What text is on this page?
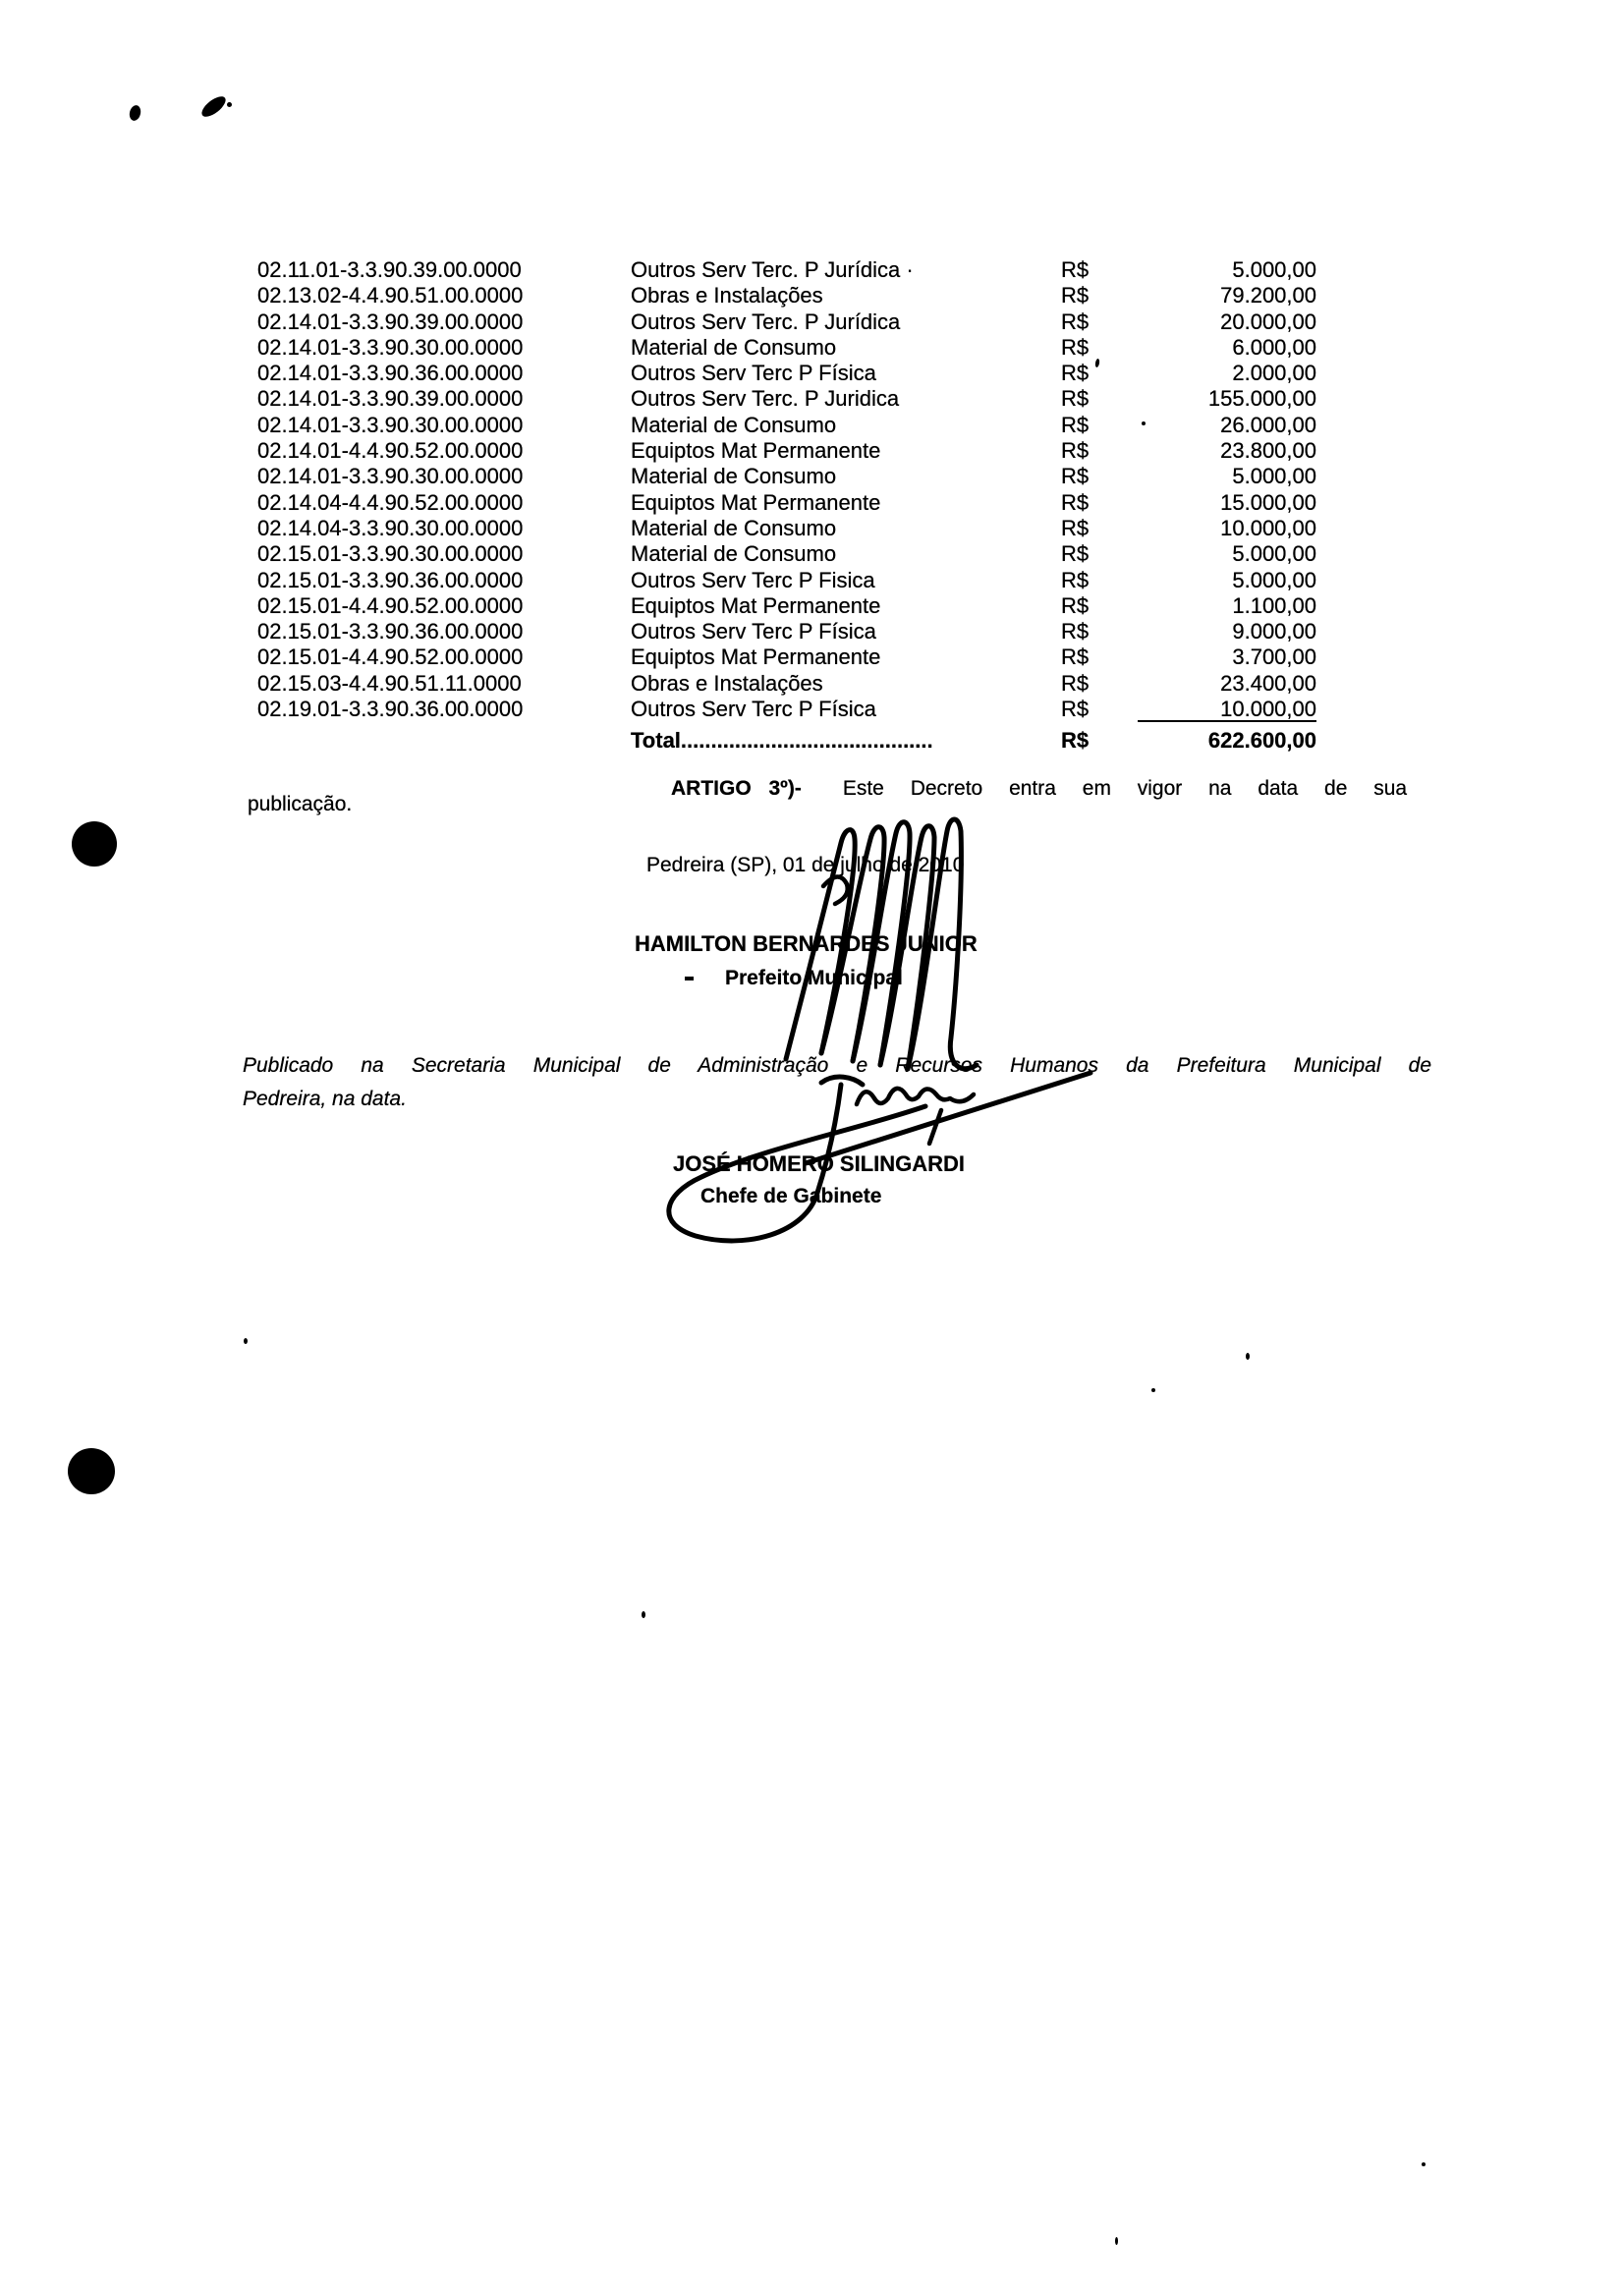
02.11.01-3.3.90.39.00.0000	Outros Serv Terc. P Jurídica ·	R$	5.000,00
02.13.02-4.4.90.51.00.0000	Obras e Instalações	R$	79.200,00
02.14.01-3.3.90.39.00.0000	Outros Serv Terc. P Jurídica	R$	20.000,00
02.14.01-3.3.90.30.00.0000	Material de Consumo	R$	6.000,00
02.14.01-3.3.90.36.00.0000	Outros Serv Terc P Física	R$	2.000,00
02.14.01-3.3.90.39.00.0000	Outros Serv Terc. P Juridica	R$	155.000,00
02.14.01-3.3.90.30.00.0000	Material de Consumo	R$	26.000,00
02.14.01-4.4.90.52.00.0000	Equiptos Mat Permanente	R$	23.800,00
02.14.01-3.3.90.30.00.0000	Material de Consumo	R$	5.000,00
02.14.04-4.4.90.52.00.0000	Equiptos Mat Permanente	R$	15.000,00
02.14.04-3.3.90.30.00.0000	Material de Consumo	R$	10.000,00
02.15.01-3.3.90.30.00.0000	Material de Consumo	R$	5.000,00
02.15.01-3.3.90.36.00.0000	Outros Serv Terc P Fisica	R$	5.000,00
02.15.01-4.4.90.52.00.0000	Equiptos Mat Permanente	R$	1.100,00
02.15.01-3.3.90.36.00.0000	Outros Serv Terc P Física	R$	9.000,00
02.15.01-4.4.90.52.00.0000	Equiptos Mat Permanente	R$	3.700,00
02.15.03-4.4.90.51.11.0000	Obras e Instalações	R$	23.400,00
02.19.01-3.3.90.36.00.0000	Outros Serv Terc P Física	R$	10.000,00
Total..........................................	R$	622.600,00
ARTIGO 3º)- Este Decreto entra em vigor na data de sua
publicação.
Pedreira (SP), 01 de julho de 2010
HAMILTON BERNARDES JUNIOR
Prefeito Municipal
Publicado na Secretaria Municipal de Administração e Recursos Humanos da Prefeitura Municipal de
Pedreira, na data.
JOSÉ HOMERO SILINGARDI
Chefe de Gabinete
